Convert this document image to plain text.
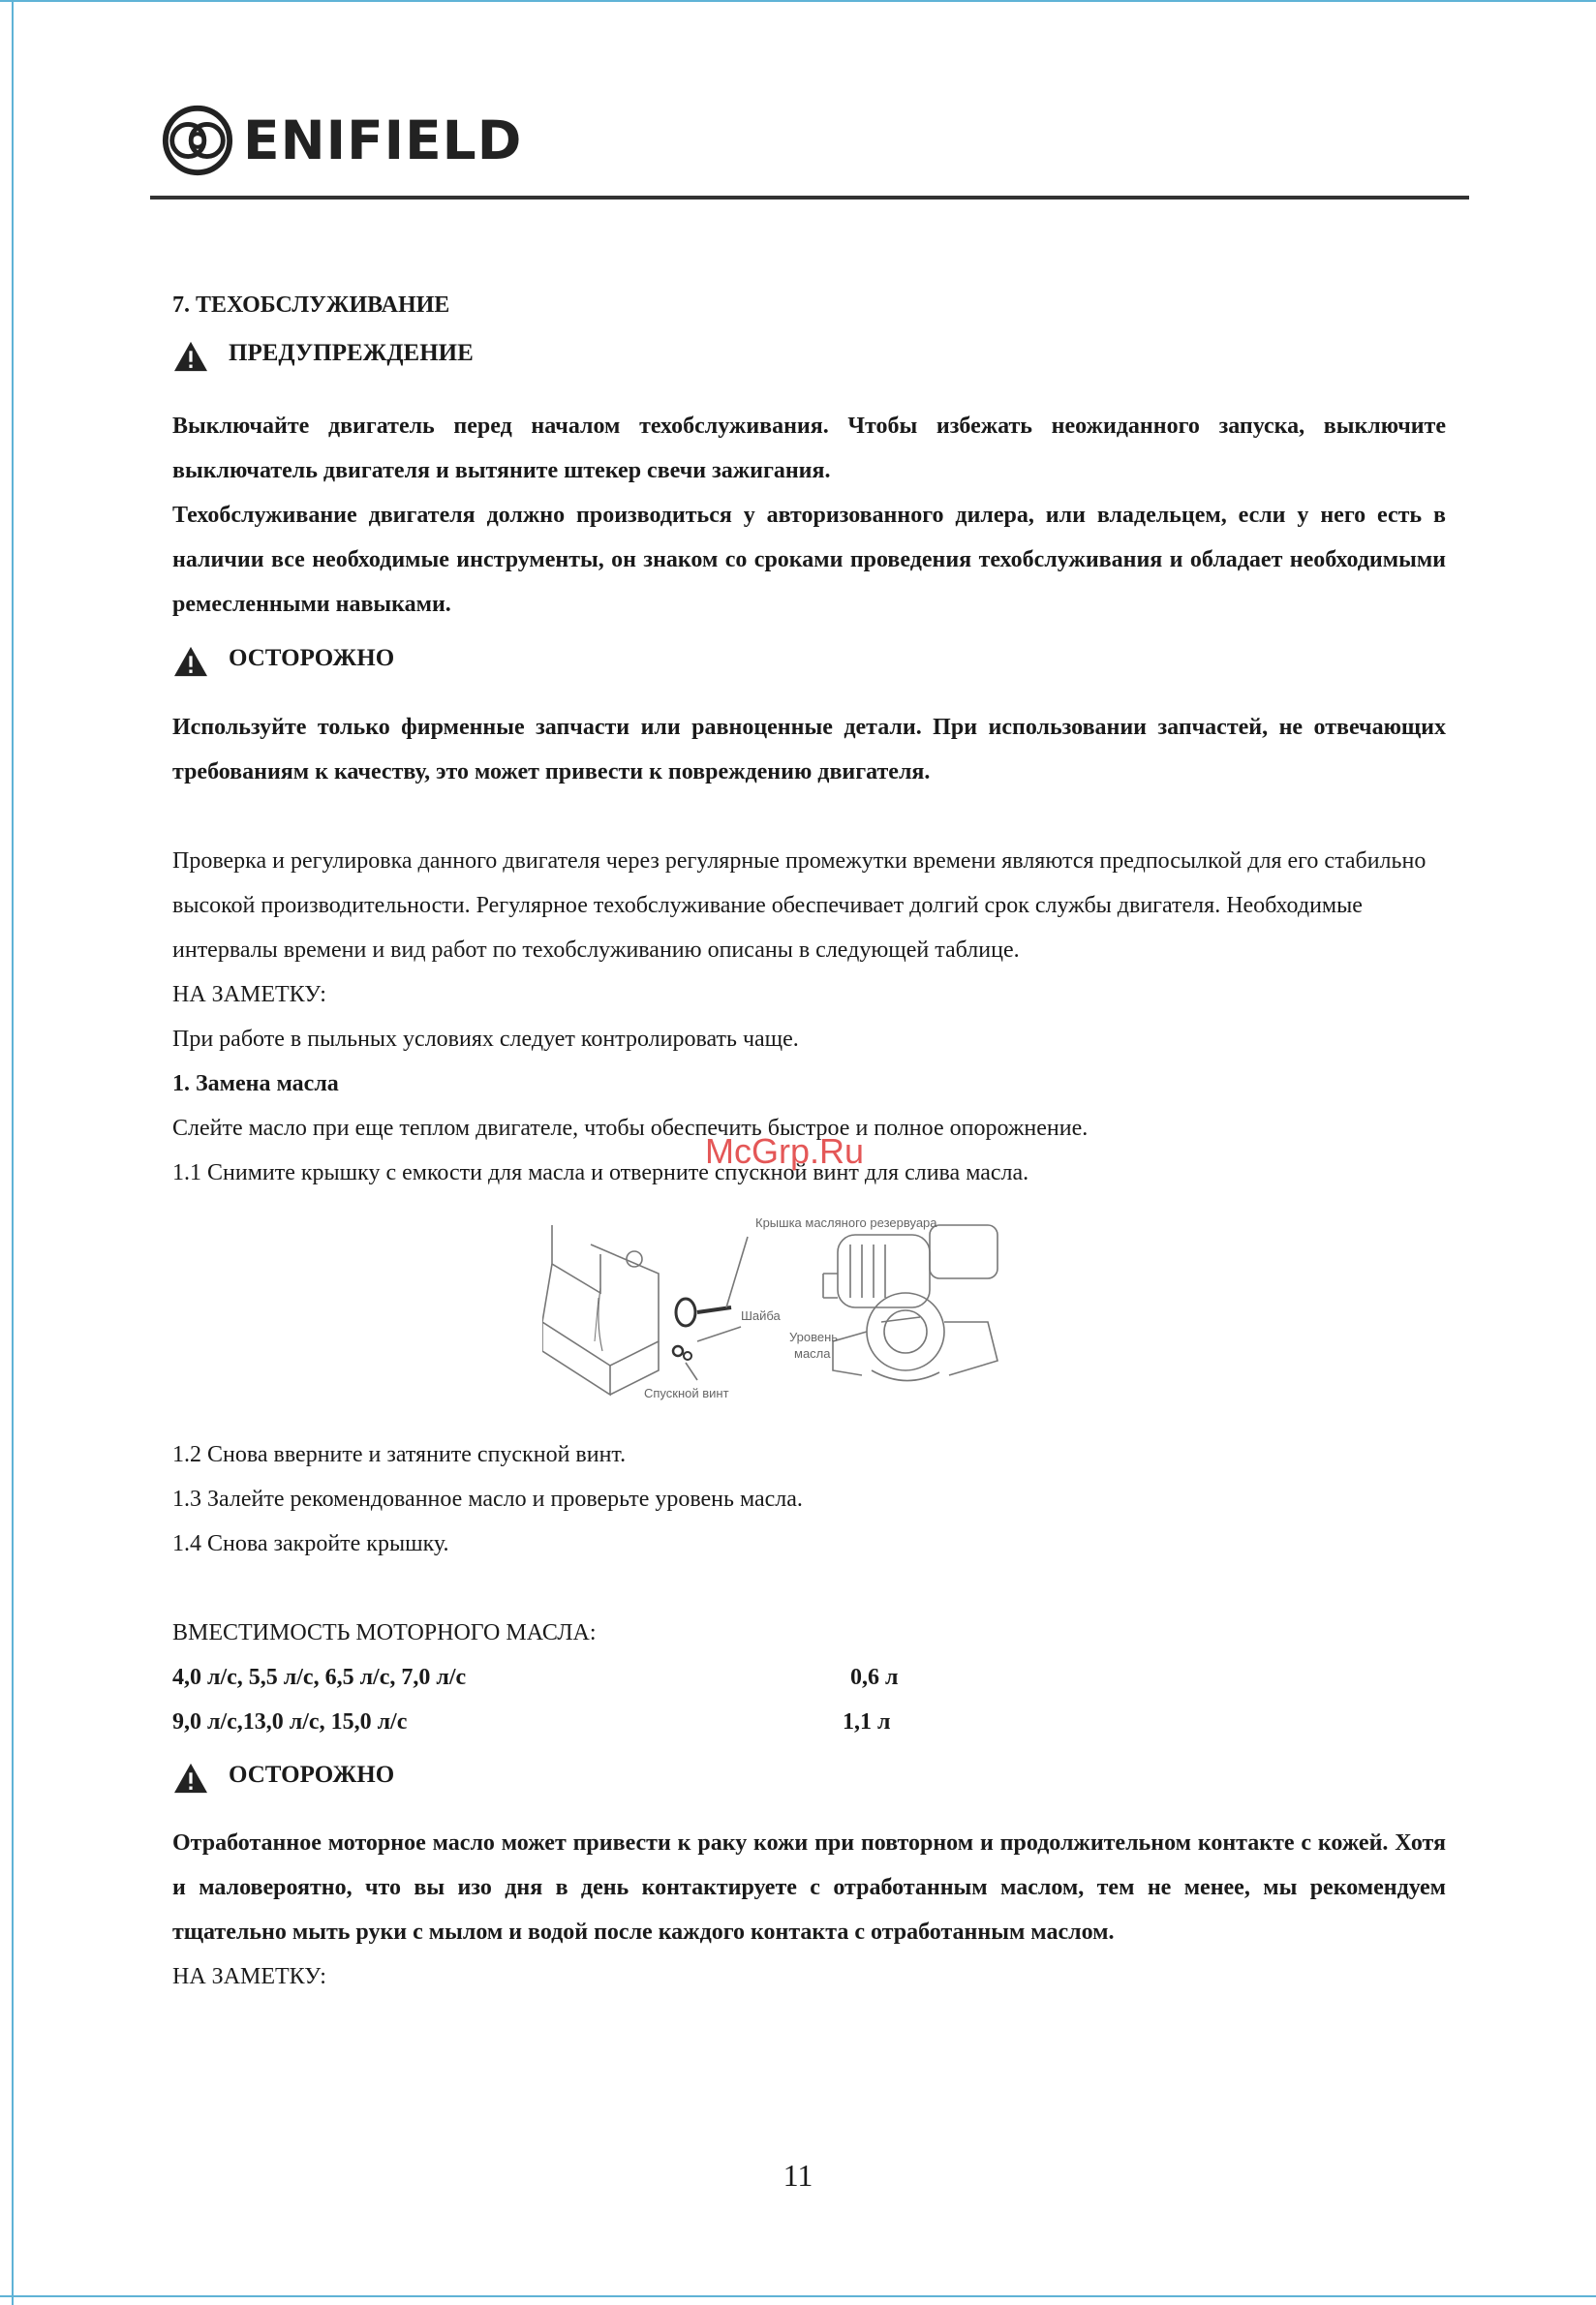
ENIFIELD

7. ТЕХОБСЛУЖИВАНИЕ

ПРЕДУПРЕЖДЕНИЕ

Выключайте двигатель перед началом техобслуживания. Чтобы избежать неожиданного запуска, выключите выключатель двигателя и вытяните штекер свечи зажигания.

Техобслуживание двигателя должно производиться у авторизованного дилера, или владельцем, если у него есть в наличии все необходимые инструменты, он знаком со сроками проведения техобслуживания и обладает необходимыми ремесленными навыками.

ОСТОРОЖНО

Используйте только фирменные запчасти или равноценные детали. При использовании запчастей, не отвечающих требованиям к качеству, это может привести к повреждению двигателя.

Проверка и регулировка данного двигателя через регулярные промежутки времени являются предпосылкой для его стабильно высокой производительности. Регулярное техобслуживание обеспечивает долгий срок службы двигателя. Необходимые интервалы времени и вид работ по техобслуживанию описаны в следующей таблице.

НА ЗАМЕТКУ:

При работе в пыльных условиях следует контролировать чаще.

1. Замена масла

Слейте масло при еще теплом двигателе, чтобы обеспечить быстрое и полное опорожнение.

1.1 Снимите крышку с емкости для масла и отверните спускной винт для слива масла.

McGrp.Ru
Крышка масляного резервуара
Шайба
Уровень
масла
Спускной винт

1.2 Снова вверните и затяните спускной винт.

1.3 Залейте рекомендованное масло и проверьте уровень масла.

1.4 Снова закройте крышку.

ВМЕСТИМОСТЬ МОТОРНОГО МАСЛА:

4,0 л/с, 5,5 л/с, 6,5 л/с, 7,0 л/с	0,6 л
9,0 л/с,13,0 л/с, 15,0 л/с	1,1 л
ОСТОРОЖНО

Отработанное моторное масло может привести к раку кожи при повторном и продолжительном контакте с кожей. Хотя и маловероятно, что вы изо дня в день контактируете с отработанным маслом, тем не менее, мы рекомендуем тщательно мыть руки с мылом и водой после каждого контакта с отработанным маслом.

НА ЗАМЕТКУ:

11
